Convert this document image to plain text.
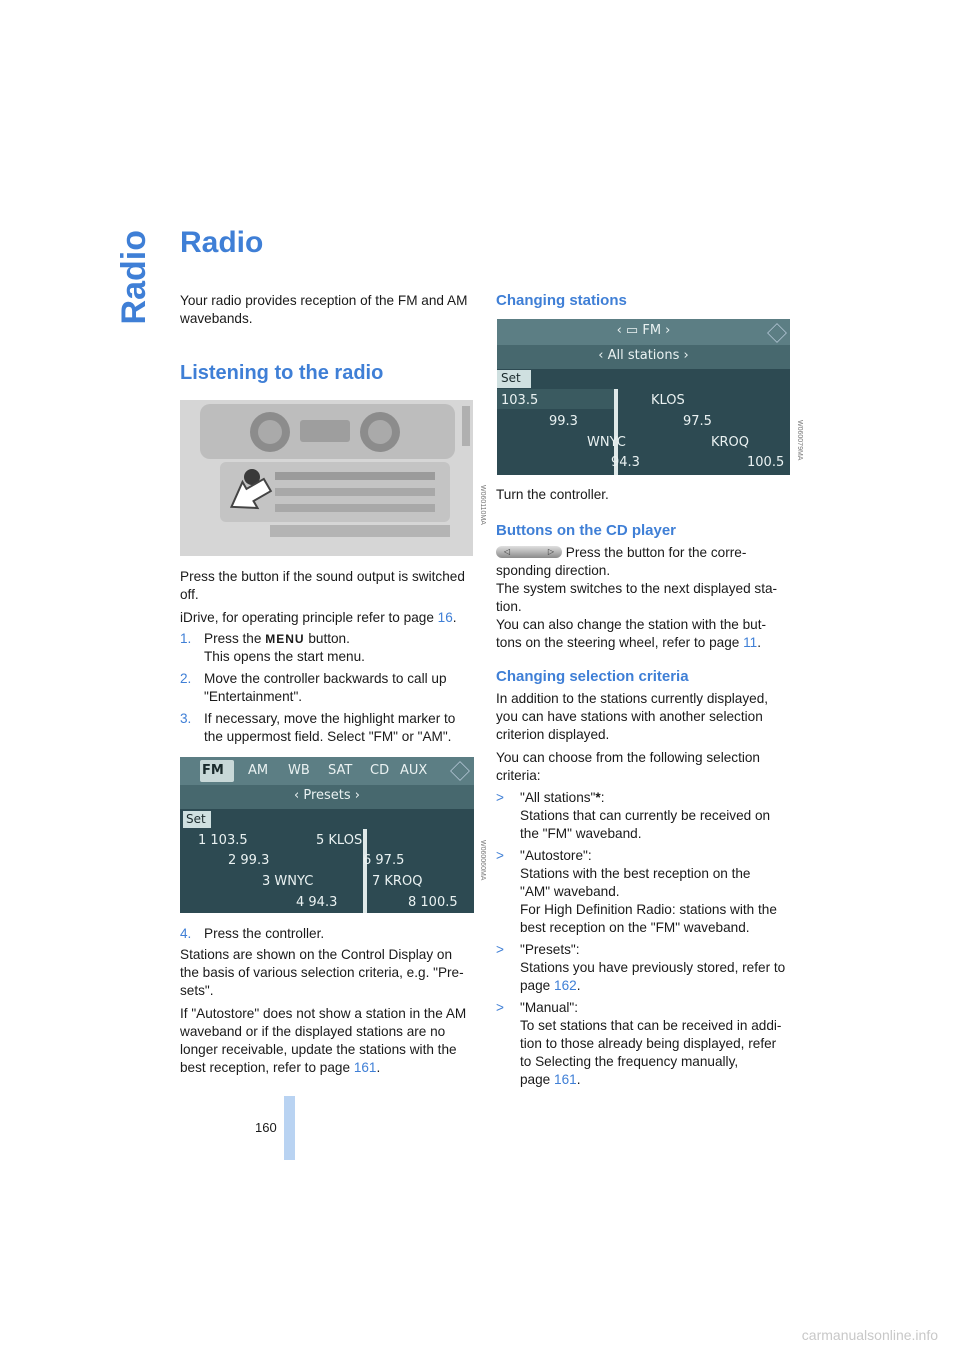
Radio Radio

Your radio provides reception of the FM and AM wavebands.

Listening to the radio
W060110MA

Press the button if the sound output is switched off.

iDrive, for operating principle refer to page 16.

1. Press the MENU button.
This opens the start menu.
2. Move the controller backwards to call up
"Entertainment".
3. If necessary, move the highlight marker to
the uppermost field. Select "FM" or "AM".
FM AM WB SAT CD AUX
‹ Presets ›
Set
1 103.5	5 KLOS
2 99.3	6 97.5
3 WNYC	7 KROQ
4 94.3	8 100.5
W060060MA
4. Press the controller.
Stations are shown on the Control Display on
the basis of various selection criteria, e.g. "Pre-
sets".
If "Autostore" does not show a station in the AM
waveband or if the displayed stations are no
longer receivable, update the stations with the
best reception, refer to page 161.
Changing stations
‹ ▭ FM ›
‹ All stations ›
Set
103.5	KLOS
99.3	97.5
WNYC	KROQ
94.3	100.5
W060079MA

Turn the controller.

Buttons on the CD player
◁	▷ Press the button for the corre-
sponding direction.
The system switches to the next displayed sta-
tion.
You can also change the station with the but-
tons on the steering wheel, refer to page 11.
Changing selection criteria
In addition to the stations currently displayed,
you can have stations with another selection
criterion displayed.
You can choose from the following selection
criteria:
> "All stations"*:
Stations that can currently be received on
the "FM" waveband.
> "Autostore":
Stations with the best reception on the
"AM" waveband.
For High Definition Radio: stations with the
best reception on the "FM" waveband.
> "Presets":
Stations you have previously stored, refer to
page 162.
> "Manual":
To set stations that can be received in addi-
tion to those already being displayed, refer
to Selecting the frequency manually,
page 161.
160
carmanualsonline.info
